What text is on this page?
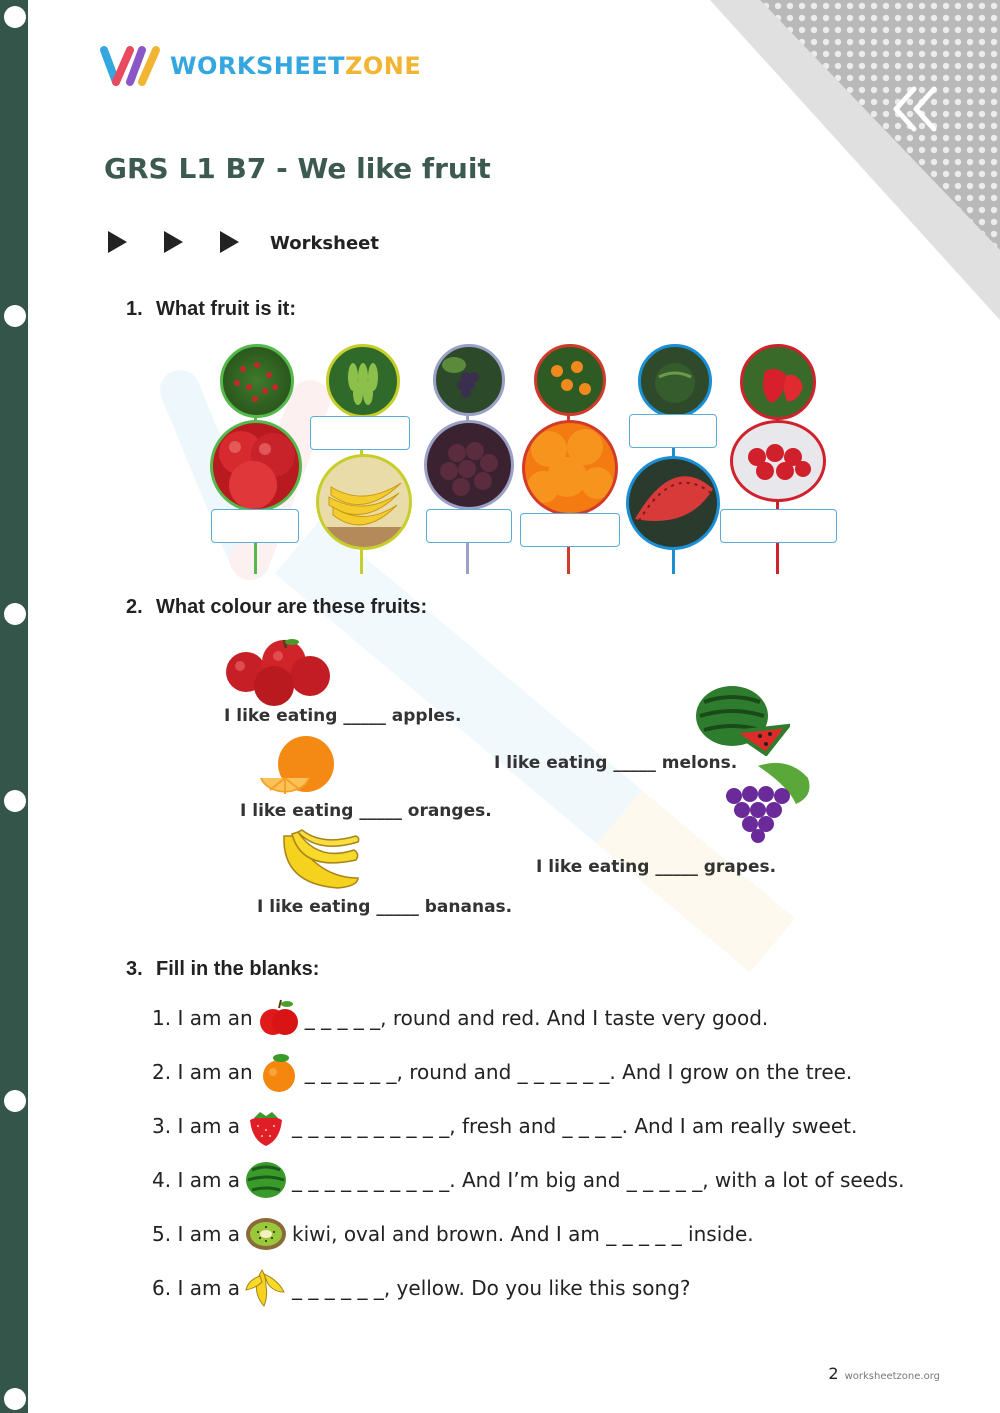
WORKSHEETZONE
GRS L1 B7 - We like fruit
Worksheet
1. What fruit is it:
2. What colour are these fruits:
I like eating _____ apples.
I like eating _____ oranges.
I like eating _____ bananas.
I like eating _____ melons.
I like eating _____ grapes.
3. Fill in the blanks:
1. I am an	_ _ _ _ _, round and red. And I taste very good.
2. I am an	_ _ _ _ _ _, round and _ _ _ _ _ _. And I grow on the tree.
3. I am a	_ _ _ _ _ _ _ _ _ _, fresh and _ _ _ _. And I am really sweet.
4. I am a	_ _ _ _ _ _ _ _ _ _. And I’m big and _ _ _ _ _, with a lot of seeds.
5. I am a	kiwi, oval and brown. And I am _ _ _ _ _ inside.
6. I am a	_ _ _ _ _ _, yellow. Do you like this song?
2 worksheetzone.org
